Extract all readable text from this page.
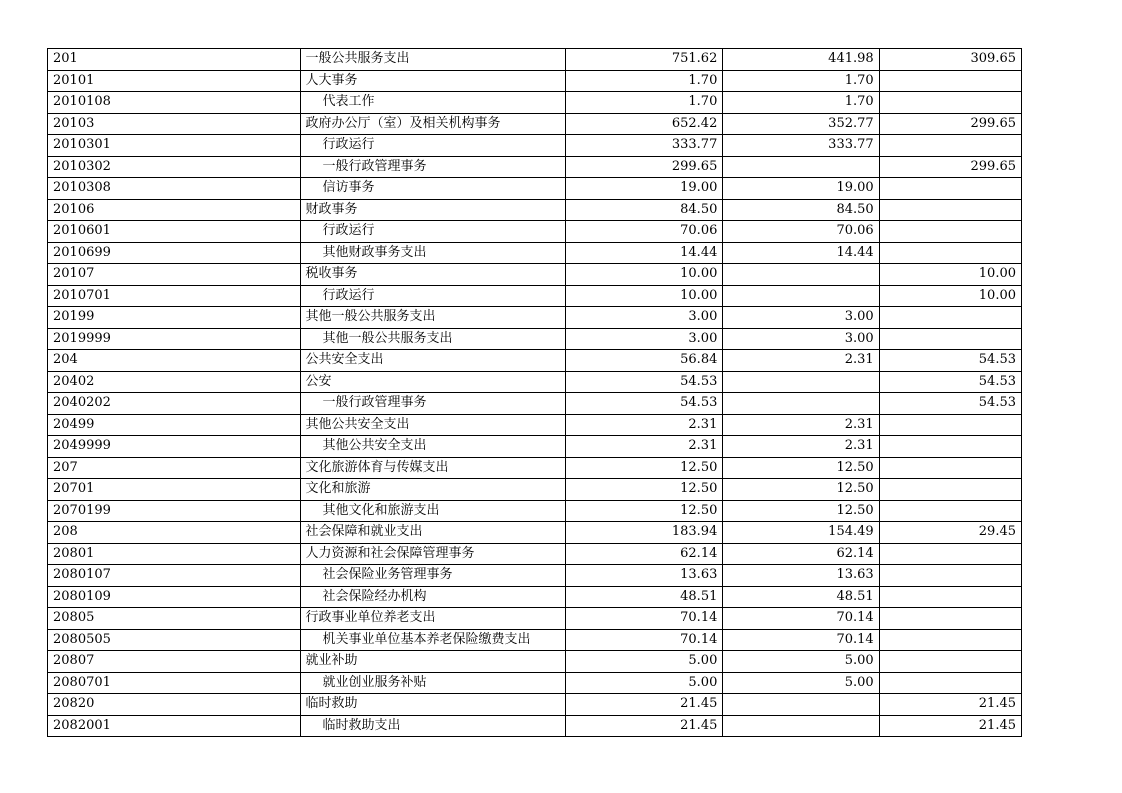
201	一般公共服务支出	751.62	441.98	309.65
20101	人大事务	1.70	1.70	
2010108	代表工作	1.70	1.70	
20103	政府办公厅（室）及相关机构事务	652.42	352.77	299.65
2010301	行政运行	333.77	333.77	
2010302	一般行政管理事务	299.65		299.65
2010308	信访事务	19.00	19.00	
20106	财政事务	84.50	84.50	
2010601	行政运行	70.06	70.06	
2010699	其他财政事务支出	14.44	14.44	
20107	税收事务	10.00		10.00
2010701	行政运行	10.00		10.00
20199	其他一般公共服务支出	3.00	3.00	
2019999	其他一般公共服务支出	3.00	3.00	
204	公共安全支出	56.84	2.31	54.53
20402	公安	54.53		54.53
2040202	一般行政管理事务	54.53		54.53
20499	其他公共安全支出	2.31	2.31	
2049999	其他公共安全支出	2.31	2.31	
207	文化旅游体育与传媒支出	12.50	12.50	
20701	文化和旅游	12.50	12.50	
2070199	其他文化和旅游支出	12.50	12.50	
208	社会保障和就业支出	183.94	154.49	29.45
20801	人力资源和社会保障管理事务	62.14	62.14	
2080107	社会保险业务管理事务	13.63	13.63	
2080109	社会保险经办机构	48.51	48.51	
20805	行政事业单位养老支出	70.14	70.14	
2080505	机关事业单位基本养老保险缴费支出	70.14	70.14	
20807	就业补助	5.00	5.00	
2080701	就业创业服务补贴	5.00	5.00	
20820	临时救助	21.45		21.45
2082001	临时救助支出	21.45		21.45
